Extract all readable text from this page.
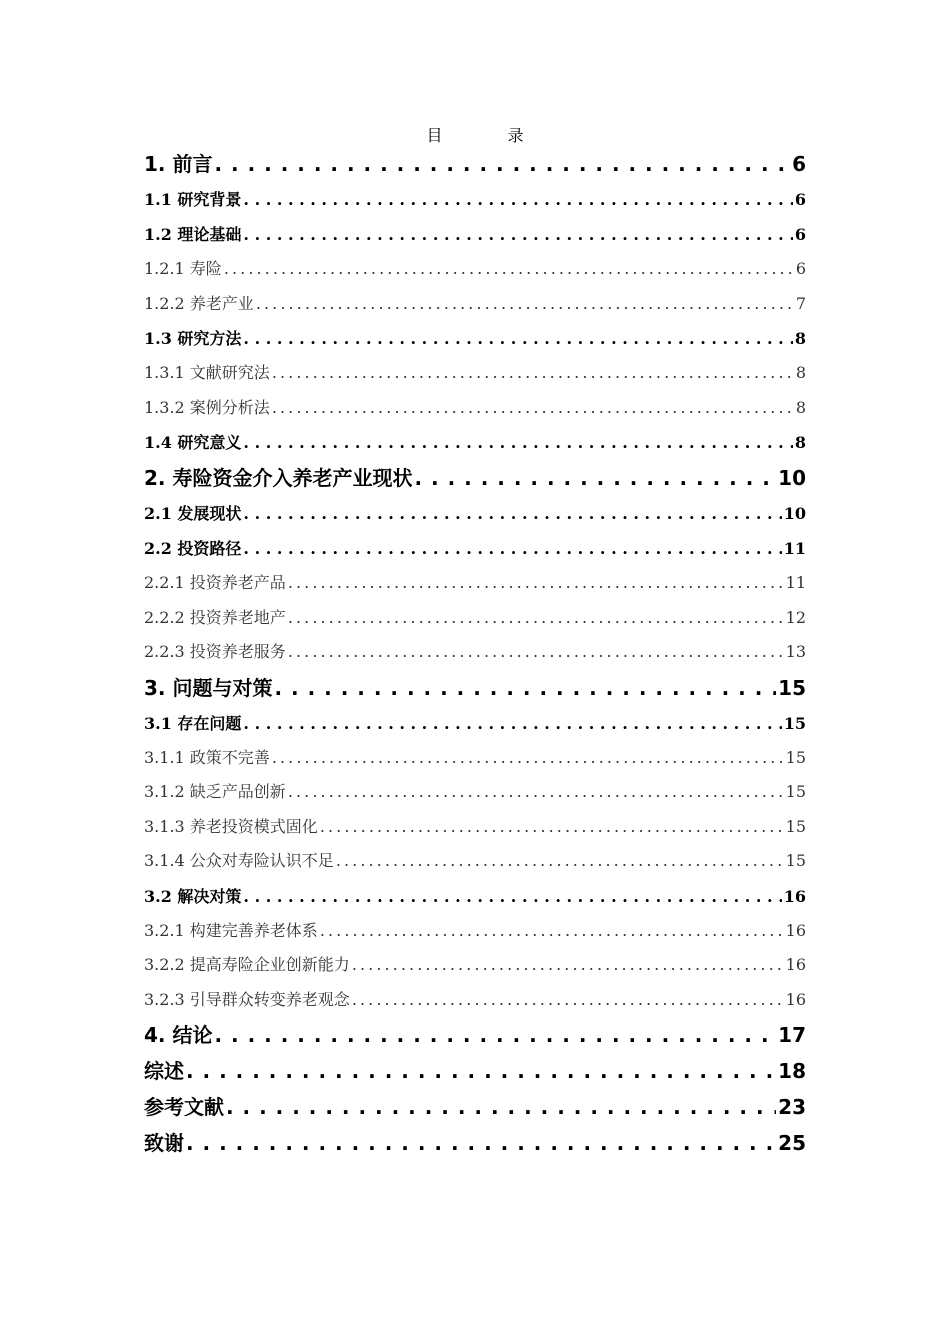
目 录
1. 前言 . . .	6
1.1 研究背景 . . .	6
1.2 理论基础 . . .	6
1.2.1 寿险 . . .	6
1.2.2 养老产业 . . .	7
1.3 研究方法 . . .	8
1.3.1 文献研究法 . . .	8
1.3.2 案例分析法 . . .	8
1.4 研究意义 . . .	8
2. 寿险资金介入养老产业现状 . . .	10
2.1 发展现状 . . .	10
2.2 投资路径 . . .	11
2.2.1 投资养老产品 . . .	11
2.2.2 投资养老地产 . . .	12
2.2.3 投资养老服务 . . .	13
3. 问题与对策 . . .	15
3.1 存在问题 . . .	15
3.1.1 政策不完善 . . .	15
3.1.2 缺乏产品创新 . . .	15
3.1.3 养老投资模式固化 . . .	15
3.1.4 公众对寿险认识不足 . . .	15
3.2 解决对策 . . .	16
3.2.1 构建完善养老体系 . . .	16
3.2.2 提高寿险企业创新能力 . . .	16
3.2.3 引导群众转变养老观念 . . .	16
4. 结论 . . .	17
综述 . . .	18
参考文献 . . .	23
致谢 . . .	25
